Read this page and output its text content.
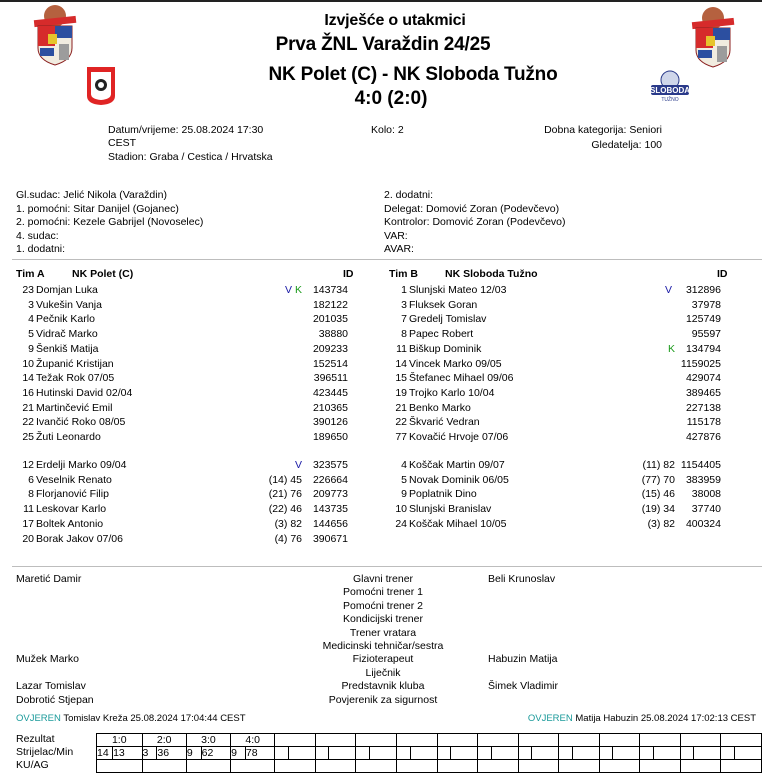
SLOBODA
TUŽNO
Izvješće o utakmici
Prva ŽNL Varaždin 24/25
NK Polet (C) - NK Sloboda Tužno
4:0 (2:0)
Datum/vrijeme: 25.08.2024 17:30
CEST
Stadion: Graba / Cestica / Hrvatska
Kolo: 2	Dobna kategorija: Seniori
Gledatelja: 100
Gl.sudac: Jelić Nikola (Varaždin)
1. pomoćni: Sitar Danijel (Gojanec)
2. pomoćni: Kezele Gabrijel (Novoselec)
4. sudac:
1. dodatni:
2. dodatni:
Delegat: Domović Zoran (Podevčevo)
Kontrolor: Domović Zoran (Podevčevo)
VAR:
AVAR:
Tim A	NK Polet (C)	ID	Tim B	NK Sloboda Tužno	ID
23 Domjan Luka	V K	143734
3 Vukešin Vanja	182122
4 Pečnik Karlo	201035
5 Vidrač Marko	38880
9 Šenkiš Matija	209233
10 Županić Kristijan	152514
14 Težak Rok 07/05	396511
16 Hutinski David 02/04	423445
21 Martinčević Emil	210365
22 Ivančić Roko 08/05	390126
25 Žuti Leonardo	189650
1 Slunjski Mateo 12/03	V	312896
3 Fluksek Goran	37978
7 Gredelj Tomislav	125749
8 Papec Robert	95597
11 Biškup Dominik	K	134794
14 Vincek Marko 09/05	1159025
15 Štefanec Mihael 09/06	429074
19 Trojko Karlo 10/04	389465
21 Benko Marko	227138
22 Škvarić Vedran	115178
77 Kovačić Hrvoje 07/06	427876
12 Erdelji Marko 09/04	V	323575
6 Veselnik Renato	(14) 45	226664
8 Florjanović Filip	(21) 76	209773
11 Leskovar Karlo	(22) 46	143735
17 Boltek Antonio	(3) 82	144656
20 Borak Jakov 07/06	(4) 76	390671
4 Koščak Martin 09/07	(11) 82 1154405
5 Novak Dominik 06/05	(77) 70	383959
9 Poplatnik Dino	(15) 46	38008
10 Slunjski Branislav	(19) 34	37740
24 Koščak Mihael 10/05	(3) 82	400324
Maretić Damir	Glavni trener	Beli Krunoslav
Pomoćni trener 1
Pomoćni trener 2
Kondicijski trener
Trener vratara
Medicinski tehničar/sestra
Mužek Marko	Fizioterapeut	Habuzin Matija
Liječnik
Lazar Tomislav	Predstavnik kluba	Šimek Vladimir
Dobrotić Stjepan	Povjerenik za sigurnost
OVJEREN Tomislav Kreža 25.08.2024 17:04:44 CEST	OVJEREN Matija Habuzin 25.08.2024 17:02:13 CEST
Rezultat
Strijelac/Min
KU/AG
1:0		2:0		3:0		4:0																									
14	13	3	36	9	62	9	78																								
